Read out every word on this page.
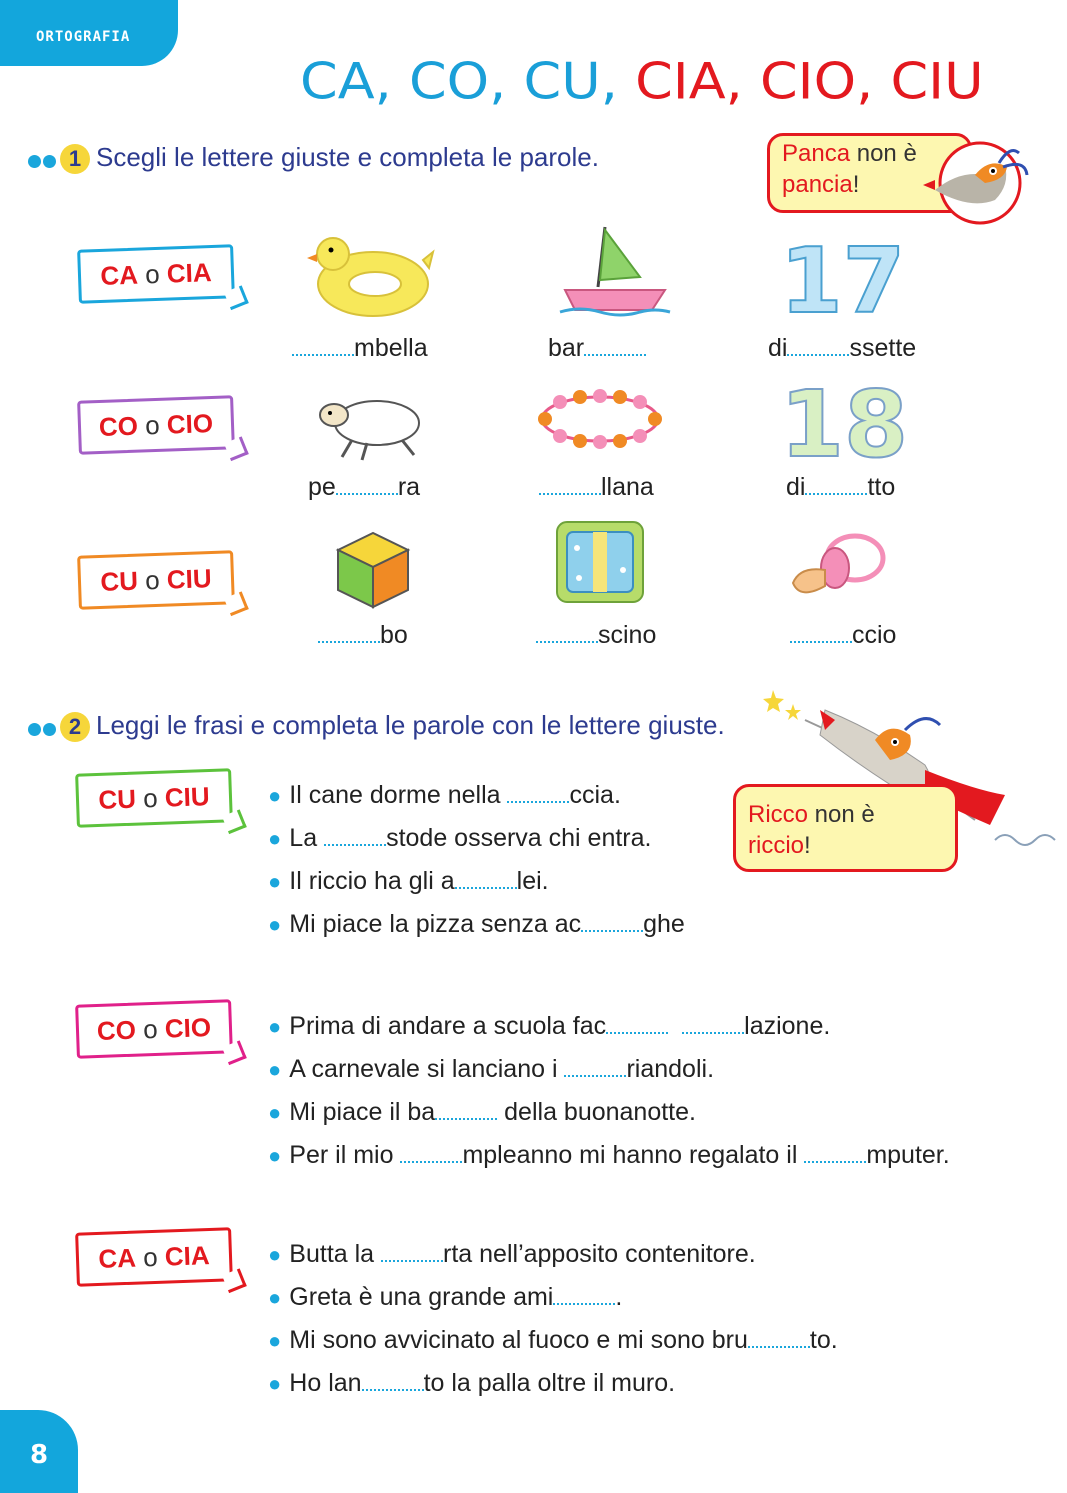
ORTOGRAFIA
CA, CO, CU, CIA, CIO, CIU
1 Scegli le lettere giuste e completa le parole.	Panca non è
pancia!
CA o CIA	17
mbella	bar	di ssette
CO o CIO	18
pe ra	llana	di tto
CU o CIU
bo	scino	ccio
2 Leggi le frasi e completa le parole con le lettere giuste.
Ricco non è
riccio!
CU o CIU	● Il cane dorme nella ccia.
● La stode osserva chi entra.
● Il riccio ha gli a lei.
● Mi piace la pizza senza ac ghe
CO o CIO	● Prima di andare a scuola fac	lazione.
● A carnevale si lanciano i riandoli.
● Mi piace il ba della buonanotte.
● Per il mio mpleanno mi hanno regalato il mputer.
CA o CIA	● Butta la rta nell’apposito contenitore.
● Greta è una grande ami .
● Mi sono avvicinato al fuoco e mi sono bru to.
● Ho lan to la palla oltre il muro.
8
